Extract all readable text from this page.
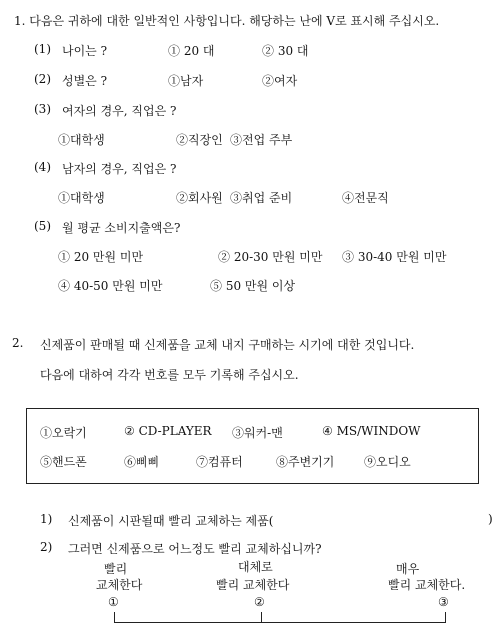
1. 다음은 귀하에 대한 일반적인 사항입니다. 해당하는 난에 V로 표시해 주십시오.
(1) 나이는 ?	① 20 대	② 30 대
(2) 성별은 ?	①남자	②여자
(3) 여자의 경우, 직업은 ?
①대학생	②직장인 ③전업 주부
(4) 남자의 경우, 직업은 ?
①대학생	②회사원 ③취업 준비	④전문직
(5) 월 평균 소비지출액은?
① 20 만원 미만	② 20-30 만원 미만 ③ 30-40 만원 미만
④ 40-50 만원 미만	⑤ 50 만원 이상
2. 신제품이 판매될 때 신제품을 교체 내지 구매하는 시기에 대한 것입니다.
다음에 대하여 각각 번호를 모두 기록해 주십시오.
①오락기	② CD-PLAYER ③워커-맨	④ MS/WINDOW
⑤핸드폰	⑥삐삐	⑦컴퓨터	⑧주변기기 ⑨오디오
1) 신제품이 시판될때 빨리 교체하는 제품(	)
2) 그러면 신제품으로 어느정도 빨리 교체하십니까?
빨리
교체한다
①
대체로
빨리 교체한다
②
매우
빨리 교체한다.
③
